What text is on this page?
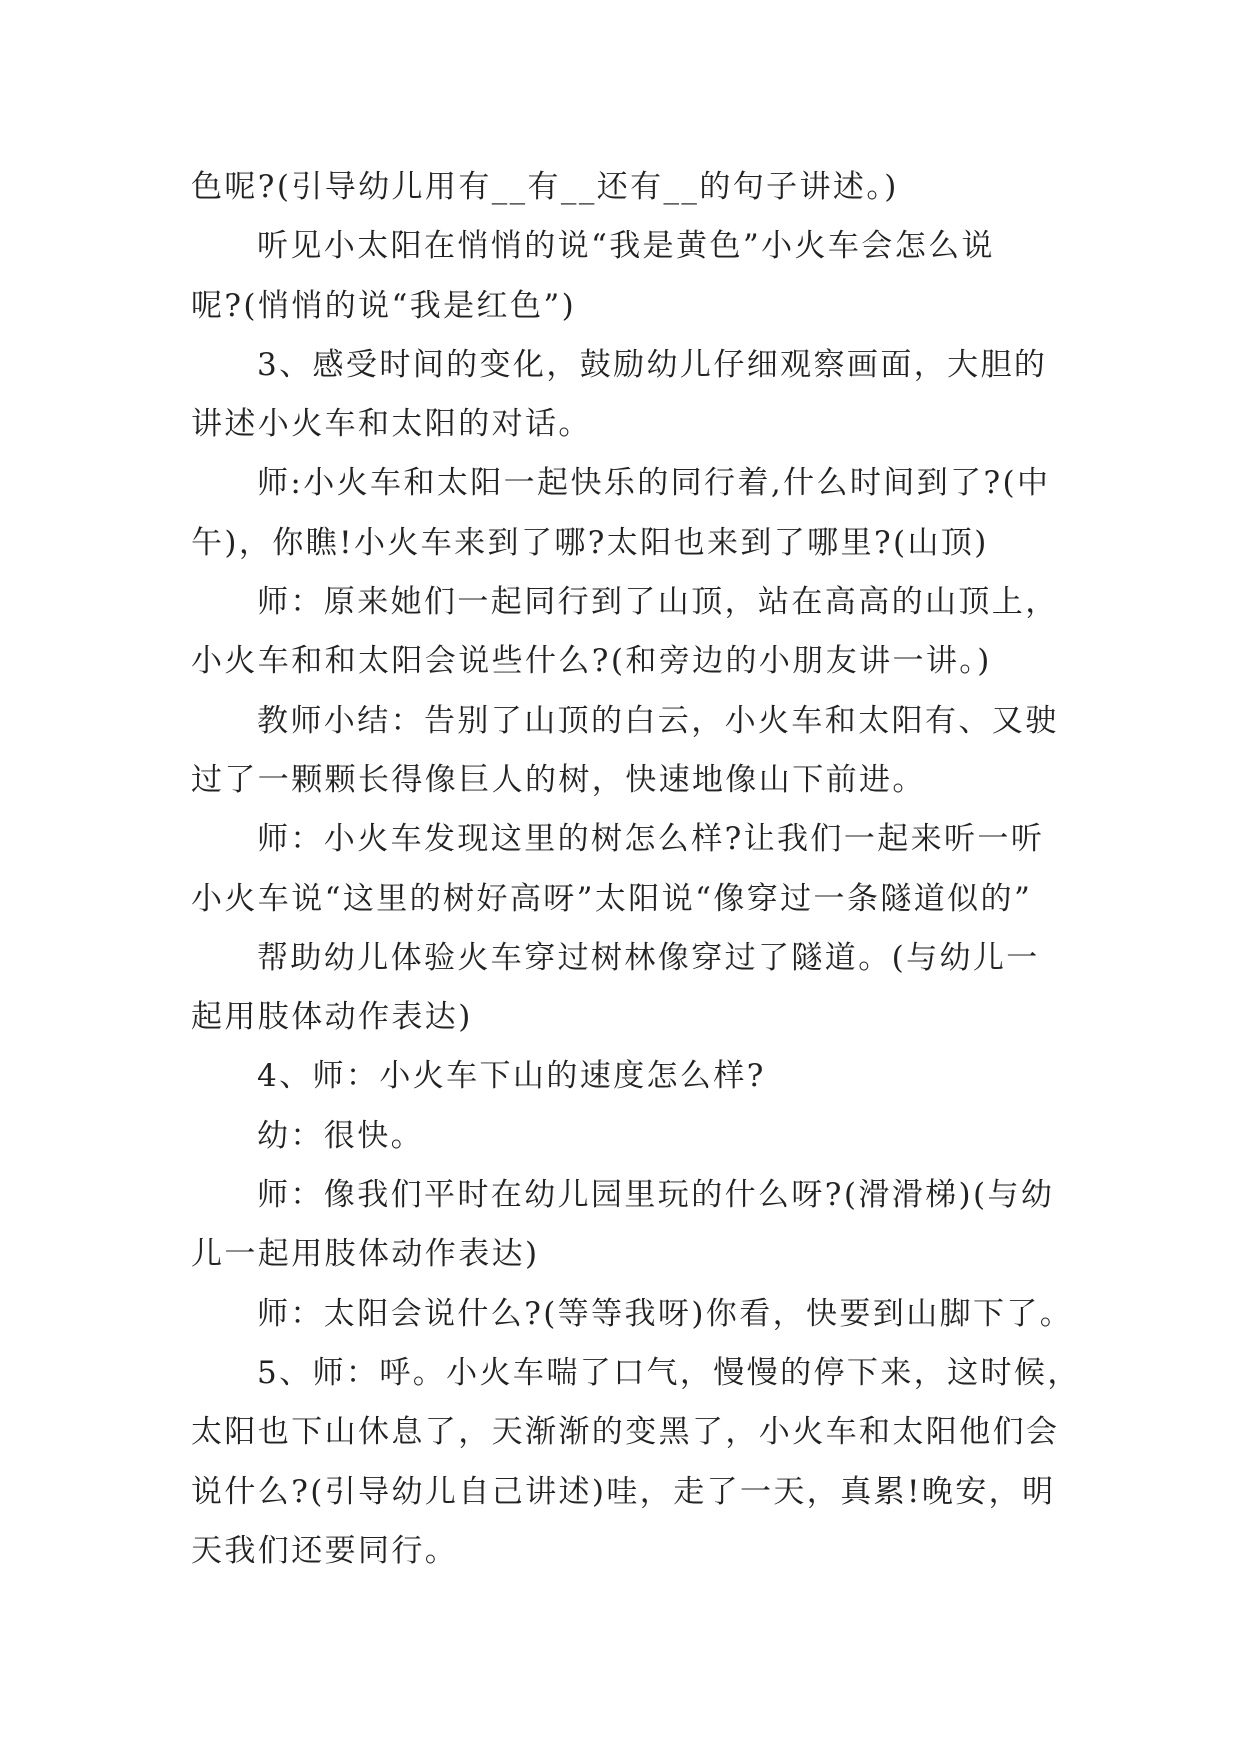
色呢?(引导幼儿用有__有__还有__的句子讲述。)

听见小太阳在悄悄的说“我是黄色”小火车会怎么说
呢?(悄悄的说“我是红色”)

3、感受时间的变化，鼓励幼儿仔细观察画面，大胆的
讲述小火车和太阳的对话。

师:小火车和太阳一起快乐的同行着,什么时间到了?(中
午)，你瞧!小火车来到了哪?太阳也来到了哪里?(山顶)

师：原来她们一起同行到了山顶，站在高高的山顶上，
小火车和和太阳会说些什么?(和旁边的小朋友讲一讲。)

教师小结：告别了山顶的白云，小火车和太阳有、又驶
过了一颗颗长得像巨人的树，快速地像山下前进。

师：小火车发现这里的树怎么样?让我们一起来听一听
小火车说“这里的树好高呀”太阳说“像穿过一条隧道似的”

帮助幼儿体验火车穿过树林像穿过了隧道。(与幼儿一
起用肢体动作表达)

4、师：小火车下山的速度怎么样?

幼：很快。

师：像我们平时在幼儿园里玩的什么呀?(滑滑梯)(与幼
儿一起用肢体动作表达)

师：太阳会说什么?(等等我呀)你看，快要到山脚下了。

5、师：呼。小火车喘了口气，慢慢的停下来，这时候，
太阳也下山休息了，天渐渐的变黑了，小火车和太阳他们会
说什么?(引导幼儿自己讲述)哇，走了一天，真累!晚安，明
天我们还要同行。
